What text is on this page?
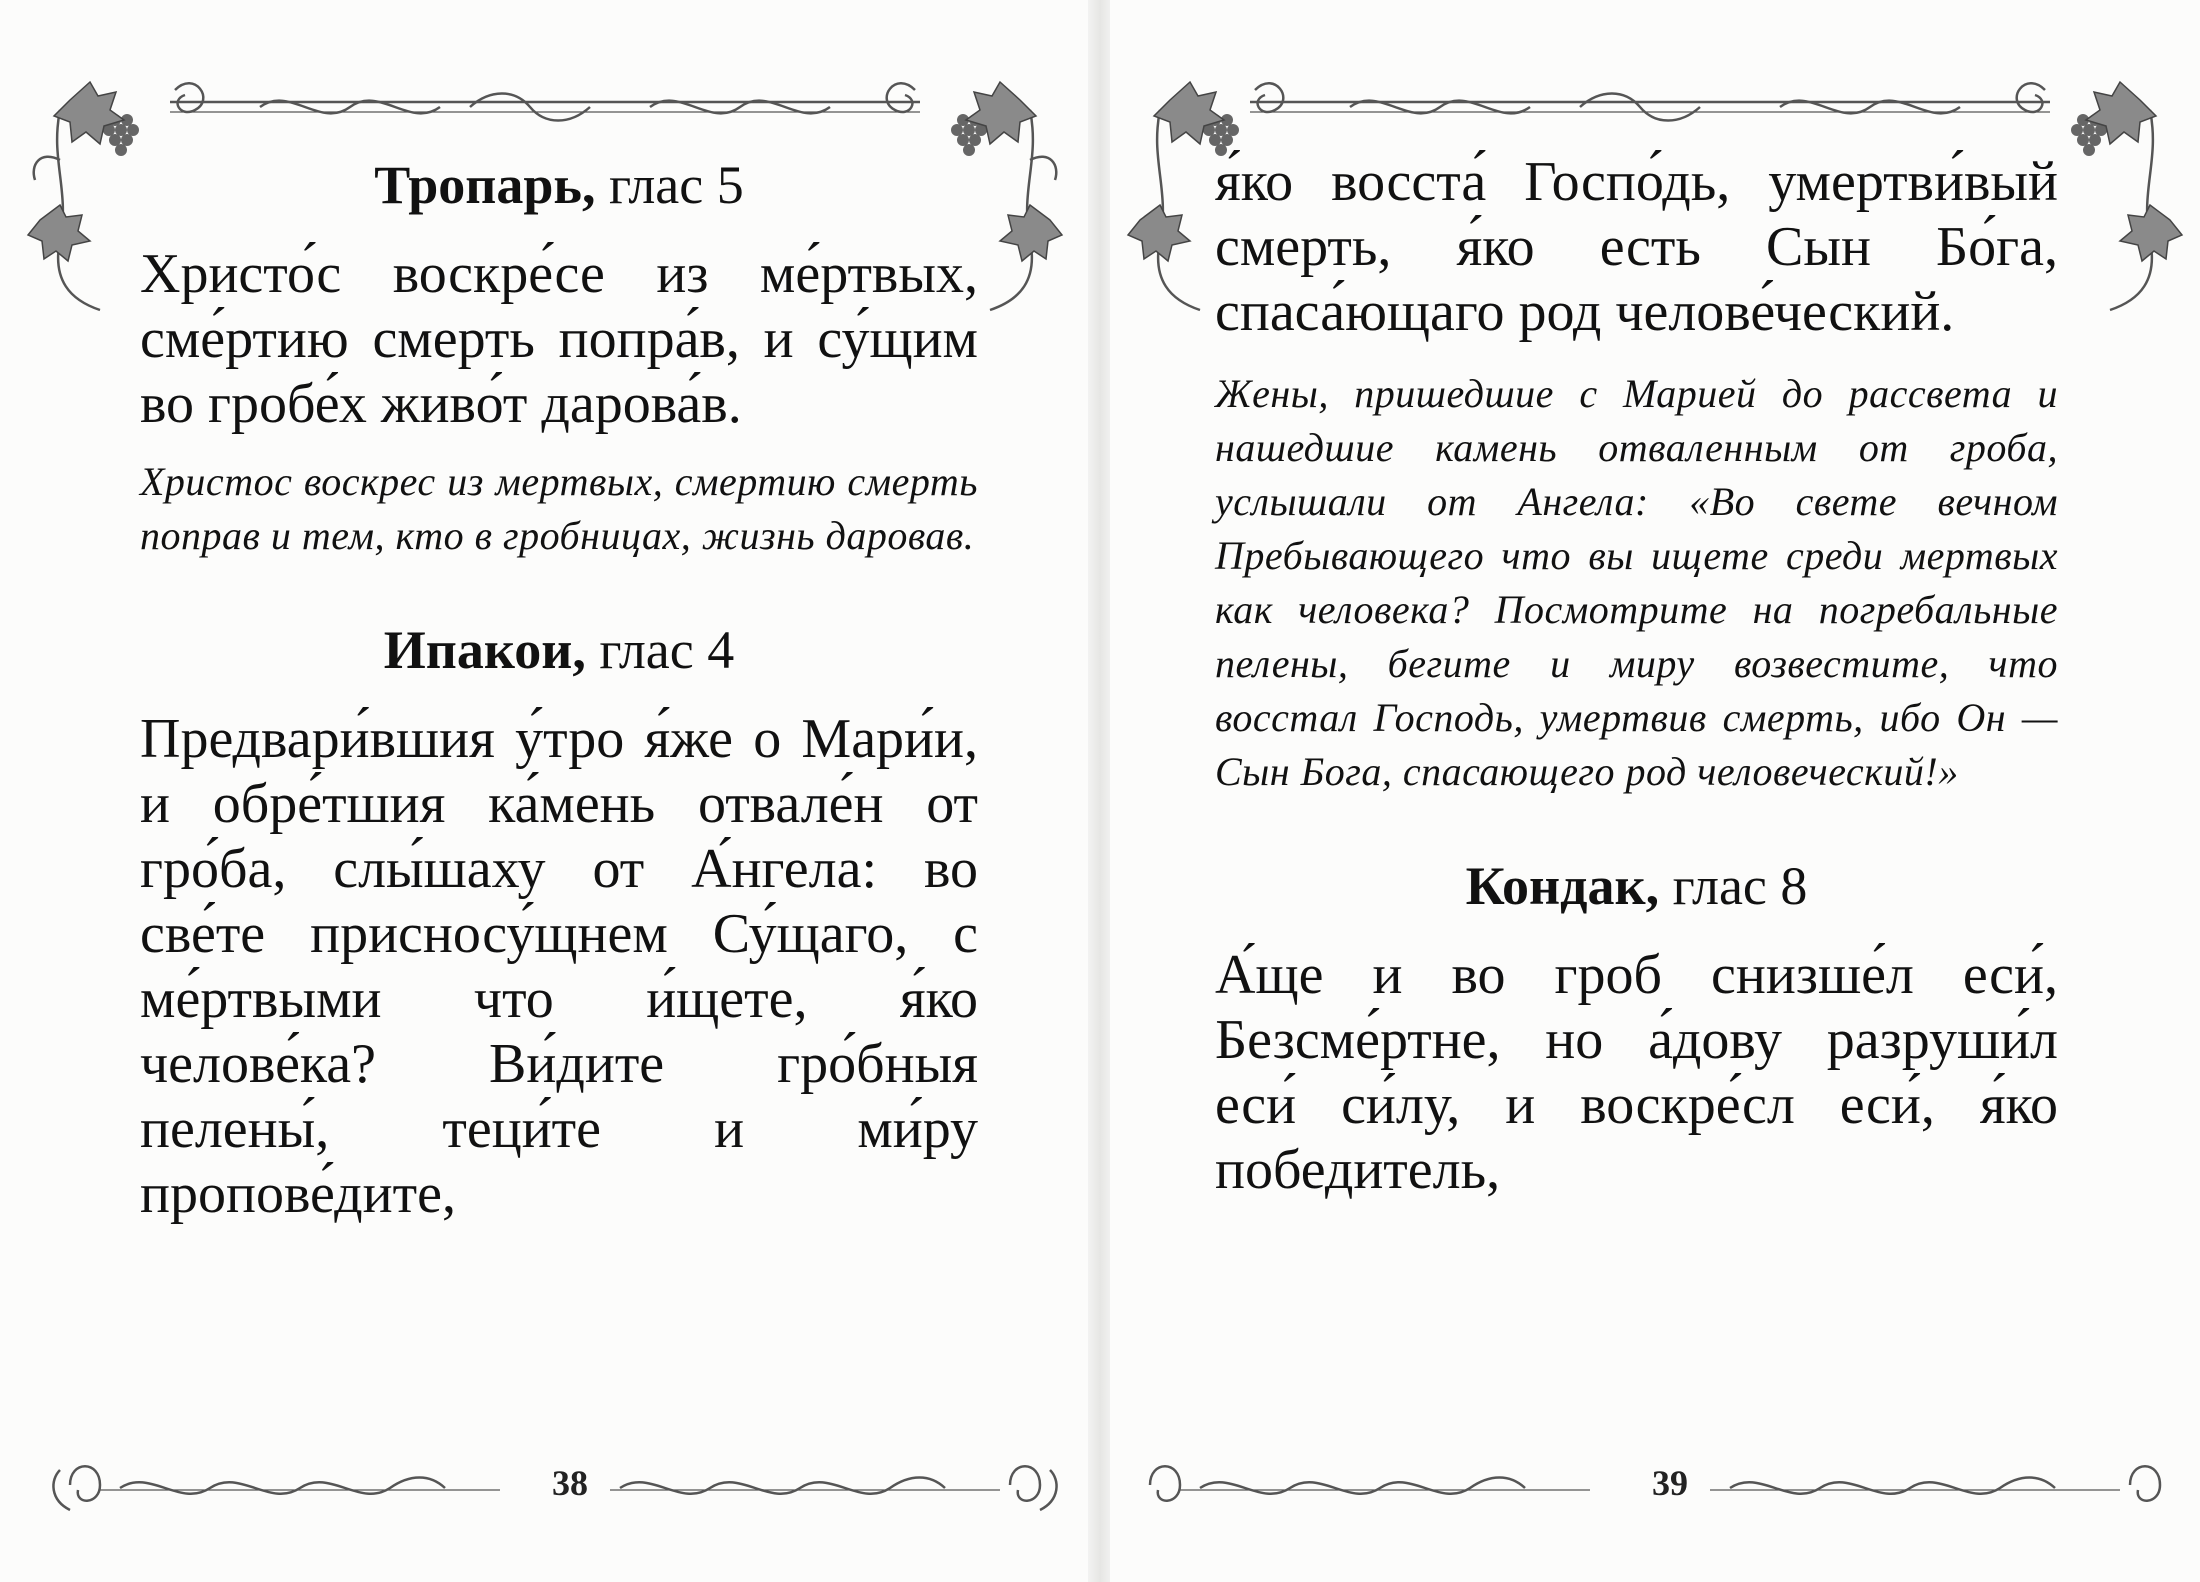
Тропарь, глас 5

Христо́с воскре́се из ме́ртвых, сме́ртию смерть попра́в, и су́щим во гробе́х живо́т дарова́в.

Христос воскрес из мертвых, смертию смерть поправ и тем, кто в гробницах, жизнь даровав.

Ипакои, глас 4

Предвари́вшия у́тро я́же о Мари́и, и обре́тшия ка́мень отвале́н от гро́ба, слы́шаху от А́нгела: во све́те присносу́щнем Су́щаго, с ме́ртвыми что и́щете, я́ко челове́ка? Ви́дите гро́бныя пелены́, теци́те и ми́ру пропове́дите,

38

я́ко восста́ Госпо́дь, умертви́вый смерть, я́ко есть Сын Бо́га, спаса́ющаго род челове́ческий.

Жены, пришедшие с Марией до рассвета и нашедшие камень отваленным от гроба, услышали от Ангела: «Во свете вечном Пребывающего что вы ищете среди мертвых как человека? Посмотрите на погребальные пелены, бегите и миру возвестите, что восстал Господь, умертвив смерть, ибо Он — Сын Бога, спасающего род человеческий!»

Кондак, глас 8

А́ще и во гроб снизше́л еси́, Безсме́ртне, но а́дову разруши́л еси́ си́лу, и воскре́сл еси́, я́ко победитель,

39
